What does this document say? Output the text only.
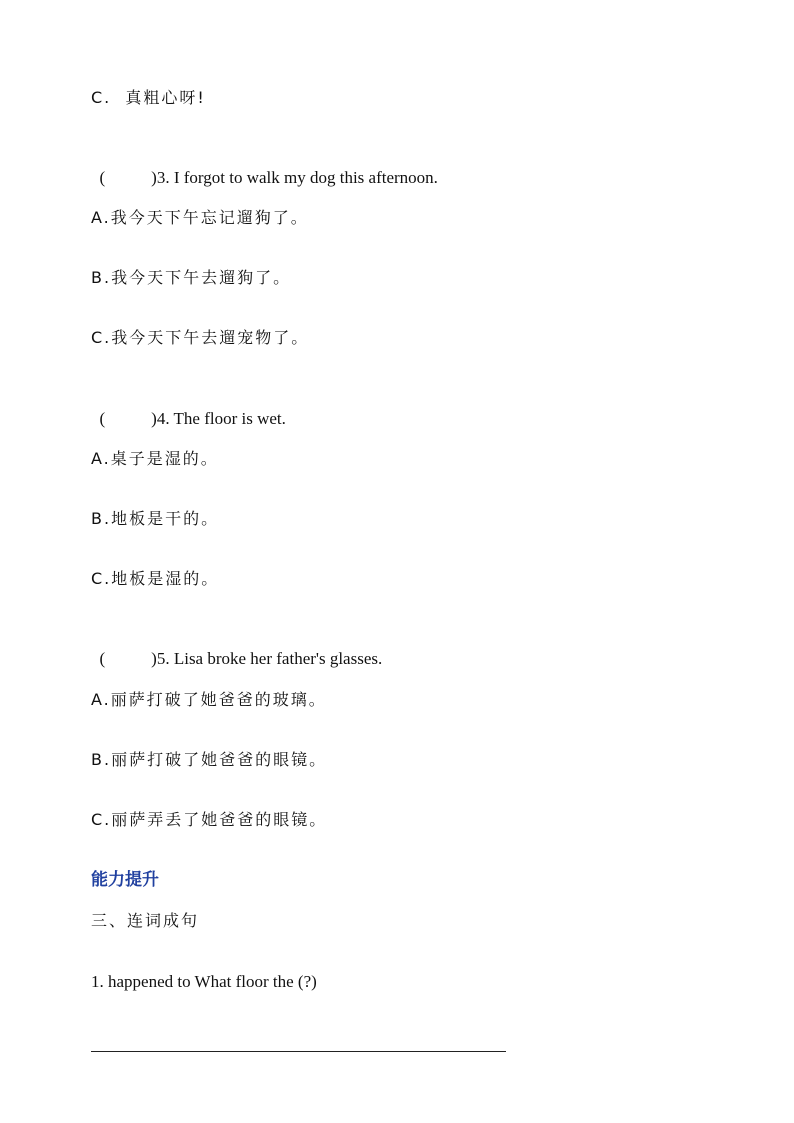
C.  真粗心呀!

(	)3. I forgot to walk my dog this afternoon.

A.我今天下午忘记遛狗了。
B.我今天下午去遛狗了。
C.我今天下午去遛宠物了。

(	)4. The floor is wet.

A.桌子是湿的。
B.地板是干的。
C.地板是湿的。

(	)5. Lisa broke her father's glasses.

A.丽萨打破了她爸爸的玻璃。
B.丽萨打破了她爸爸的眼镜。
C.丽萨弄丢了她爸爸的眼镜。
能力提升
三、连词成句
1. happened to What floor the (?)
